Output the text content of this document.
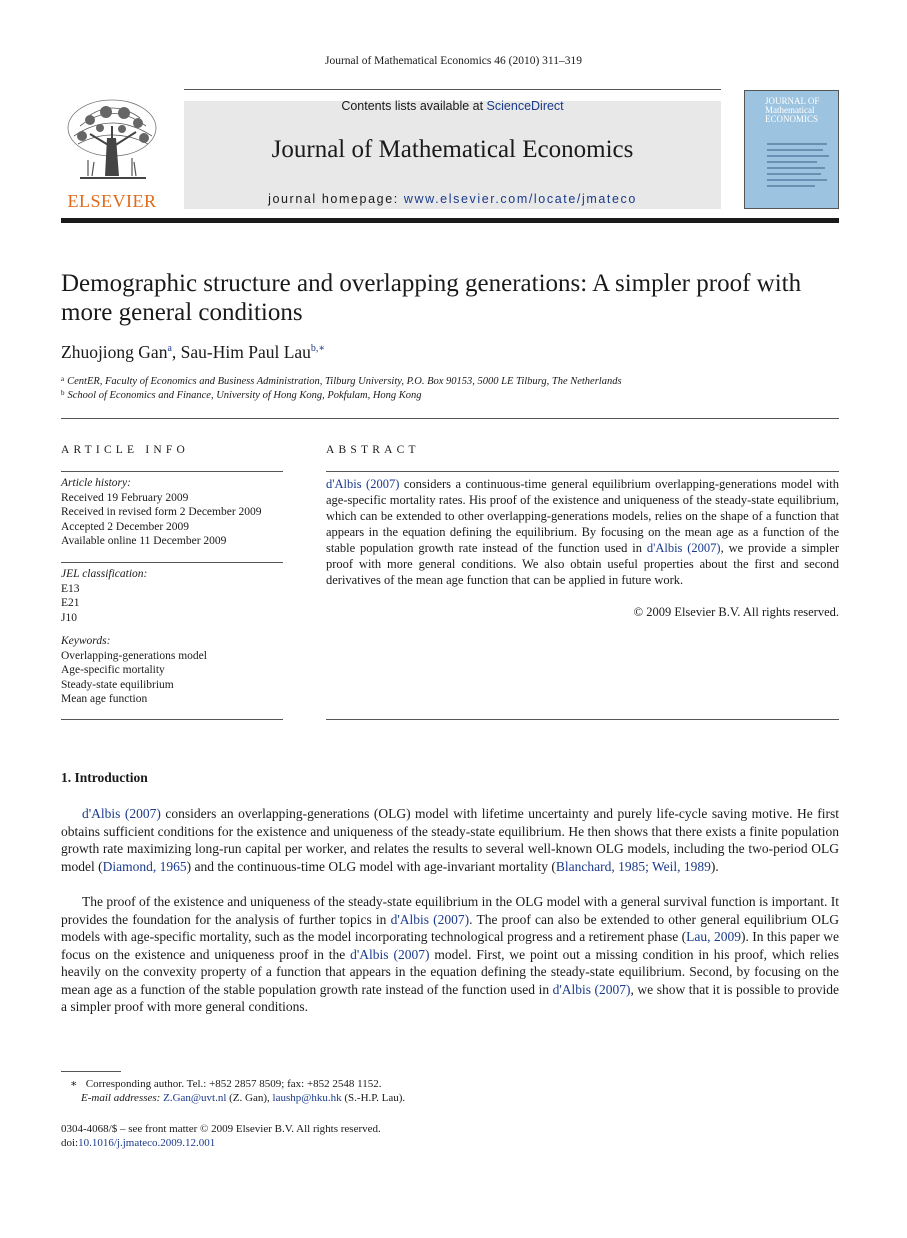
Journal of Mathematical Economics 46 (2010) 311–319
ELSEVIER
Contents lists available at ScienceDirect
Journal of Mathematical Economics
journal homepage: www.elsevier.com/locate/jmateco
JOURNAL OF Mathematical ECONOMICS
Demographic structure and overlapping generations: A simpler proof with more general conditions
Zhuojiong Gan$^a$, Sau-Him Paul Lau$^{b,∗}$
$^a$ CentER, Faculty of Economics and Business Administration, Tilburg University, P.O. Box 90153, 5000 LE Tilburg, The Netherlands
$^b$ School of Economics and Finance, University of Hong Kong, Pokfulam, Hong Kong
ARTICLE INFO
Article history:
Received 19 February 2009
Received in revised form 2 December 2009
Accepted 2 December 2009
Available online 11 December 2009
JEL classification:
E13
E21
J10
Keywords:
Overlapping-generations model
Age-specific mortality
Steady-state equilibrium
Mean age function
ABSTRACT
d'Albis (2007) considers a continuous-time general equilibrium overlapping-generations model with age-specific mortality rates. His proof of the existence and uniqueness of the steady-state equilibrium, which can be extended to other overlapping-generations models, relies on the shape of a function that appears in the equation defining the equilibrium. By focusing on the mean age as a function of the stable population growth rate instead of the function used in d'Albis (2007), we provide a simpler proof with more general conditions. We also obtain useful properties about the first and second derivatives of the mean age function that can be applied in future work.
© 2009 Elsevier B.V. All rights reserved.
1. Introduction
d'Albis (2007) considers an overlapping-generations (OLG) model with lifetime uncertainty and purely life-cycle saving motive. He first obtains sufficient conditions for the existence and uniqueness of the steady-state equilibrium. He then shows that there exists a finite population growth rate maximizing long-run capital per worker, and relates the results to several well-known OLG models, including the two-period OLG model (Diamond, 1965) and the continuous-time OLG model with age-invariant mortality (Blanchard, 1985; Weil, 1989).
The proof of the existence and uniqueness of the steady-state equilibrium in the OLG model with a general survival function is important. It provides the foundation for the analysis of further topics in d'Albis (2007). The proof can also be extended to other general equilibrium OLG models with age-specific mortality, such as the model incorporating technological progress and a retirement phase (Lau, 2009). In this paper we focus on the existence and uniqueness proof in the d'Albis (2007) model. First, we point out a missing condition in his proof, which relies heavily on the convexity property of a function that appears in the equation defining the steady-state equilibrium. Second, by focusing on the mean age as a function of the stable population growth rate instead of the function used in d'Albis (2007), we show that it is possible to provide a simpler proof with more general conditions.
∗ Corresponding author. Tel.: +852 2857 8509; fax: +852 2548 1152.
E-mail addresses: Z.Gan@uvt.nl (Z. Gan), laushp@hku.hk (S.-H.P. Lau).
0304-4068/$ – see front matter © 2009 Elsevier B.V. All rights reserved.
doi:10.1016/j.jmateco.2009.12.001
